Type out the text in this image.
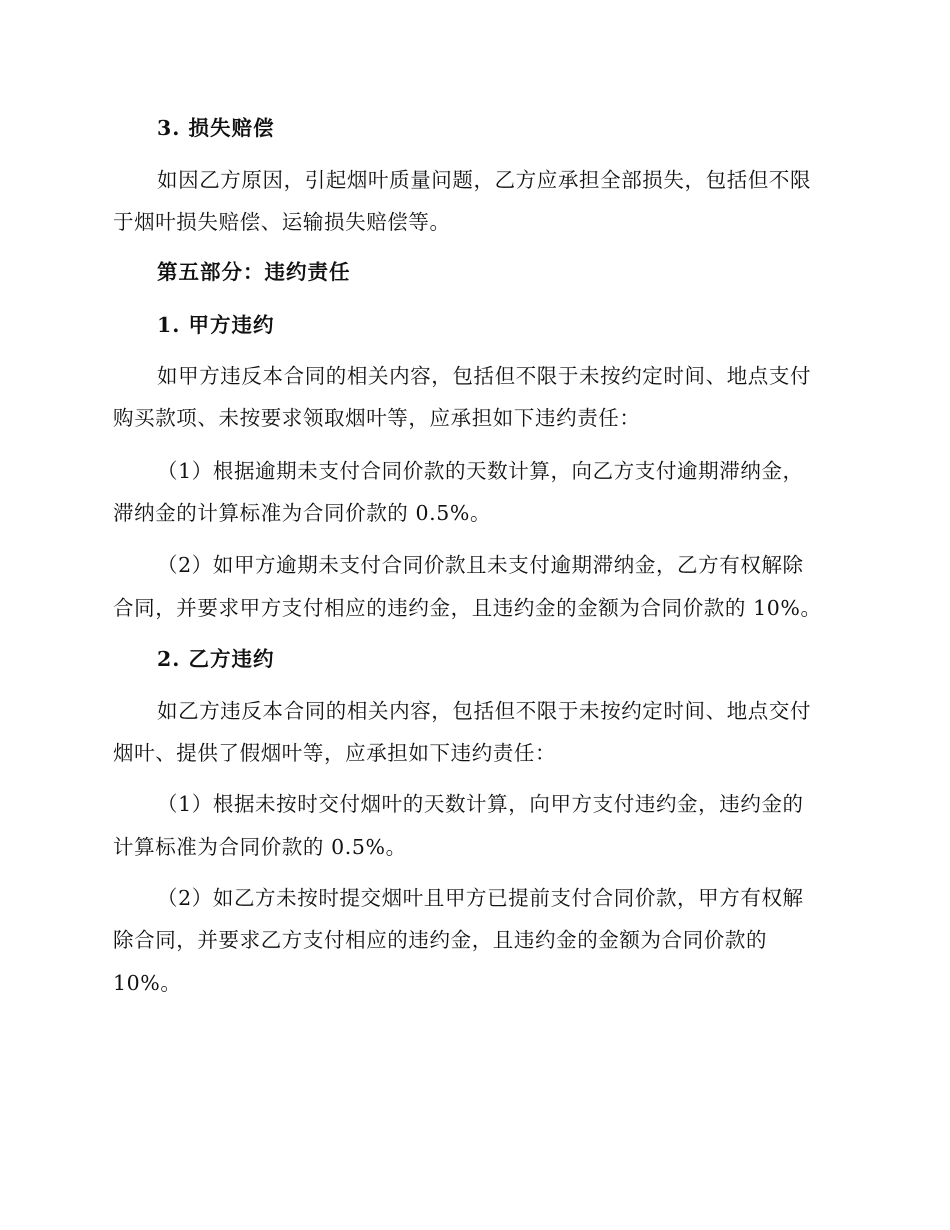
3. 损失赔偿
如因乙方原因，引起烟叶质量问题，乙方应承担全部损失，包括但不限
于烟叶损失赔偿、运输损失赔偿等。
第五部分：违约责任
1. 甲方违约
如甲方违反本合同的相关内容，包括但不限于未按约定时间、地点支付
购买款项、未按要求领取烟叶等，应承担如下违约责任：
（1）根据逾期未支付合同价款的天数计算，向乙方支付逾期滞纳金，
滞纳金的计算标准为合同价款的 0.5%。
（2）如甲方逾期未支付合同价款且未支付逾期滞纳金，乙方有权解除
合同，并要求甲方支付相应的违约金，且违约金的金额为合同价款的 10%。
2. 乙方违约
如乙方违反本合同的相关内容，包括但不限于未按约定时间、地点交付
烟叶、提供了假烟叶等，应承担如下违约责任：
（1）根据未按时交付烟叶的天数计算，向甲方支付违约金，违约金的
计算标准为合同价款的 0.5%。
（2）如乙方未按时提交烟叶且甲方已提前支付合同价款，甲方有权解
除合同，并要求乙方支付相应的违约金，且违约金的金额为合同价款的
10%。
